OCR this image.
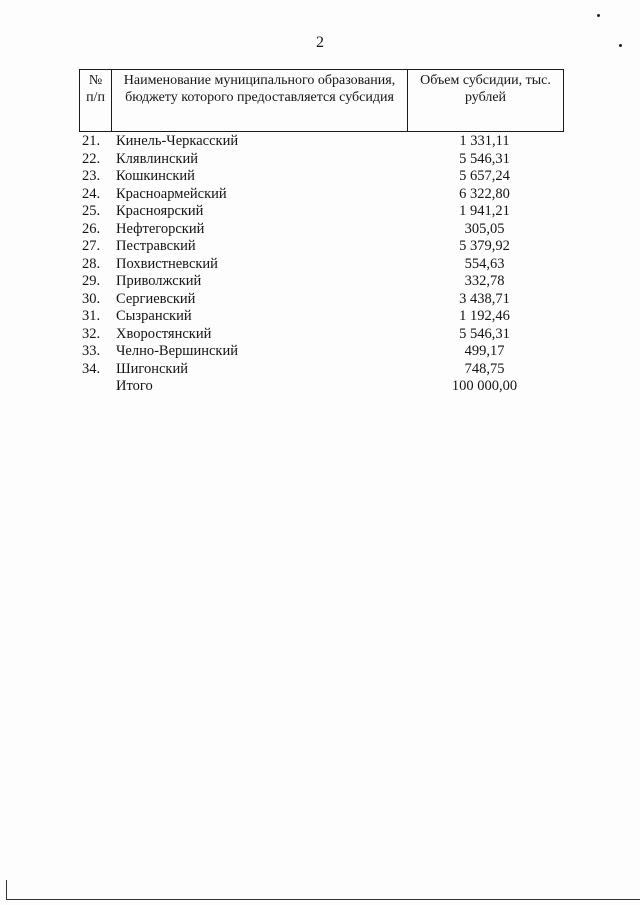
2
№ п/п	Наименование муниципального образования, бюджету которого предоставляется субсидия	Объем субсидии, тыс. рублей
21.	Кинель-Черкасский	1 331,11
22.	Клявлинский	5 546,31
23.	Кошкинский	5 657,24
24.	Красноармейский	6 322,80
25.	Красноярский	1 941,21
26.	Нефтегорский	305,05
27.	Пестравский	5 379,92
28.	Похвистневский	554,63
29.	Приволжский	332,78
30.	Сергиевский	3 438,71
31.	Сызранский	1 192,46
32.	Хворостянский	5 546,31
33.	Челно-Вершинский	499,17
34.	Шигонский	748,75
Итого	100 000,00
